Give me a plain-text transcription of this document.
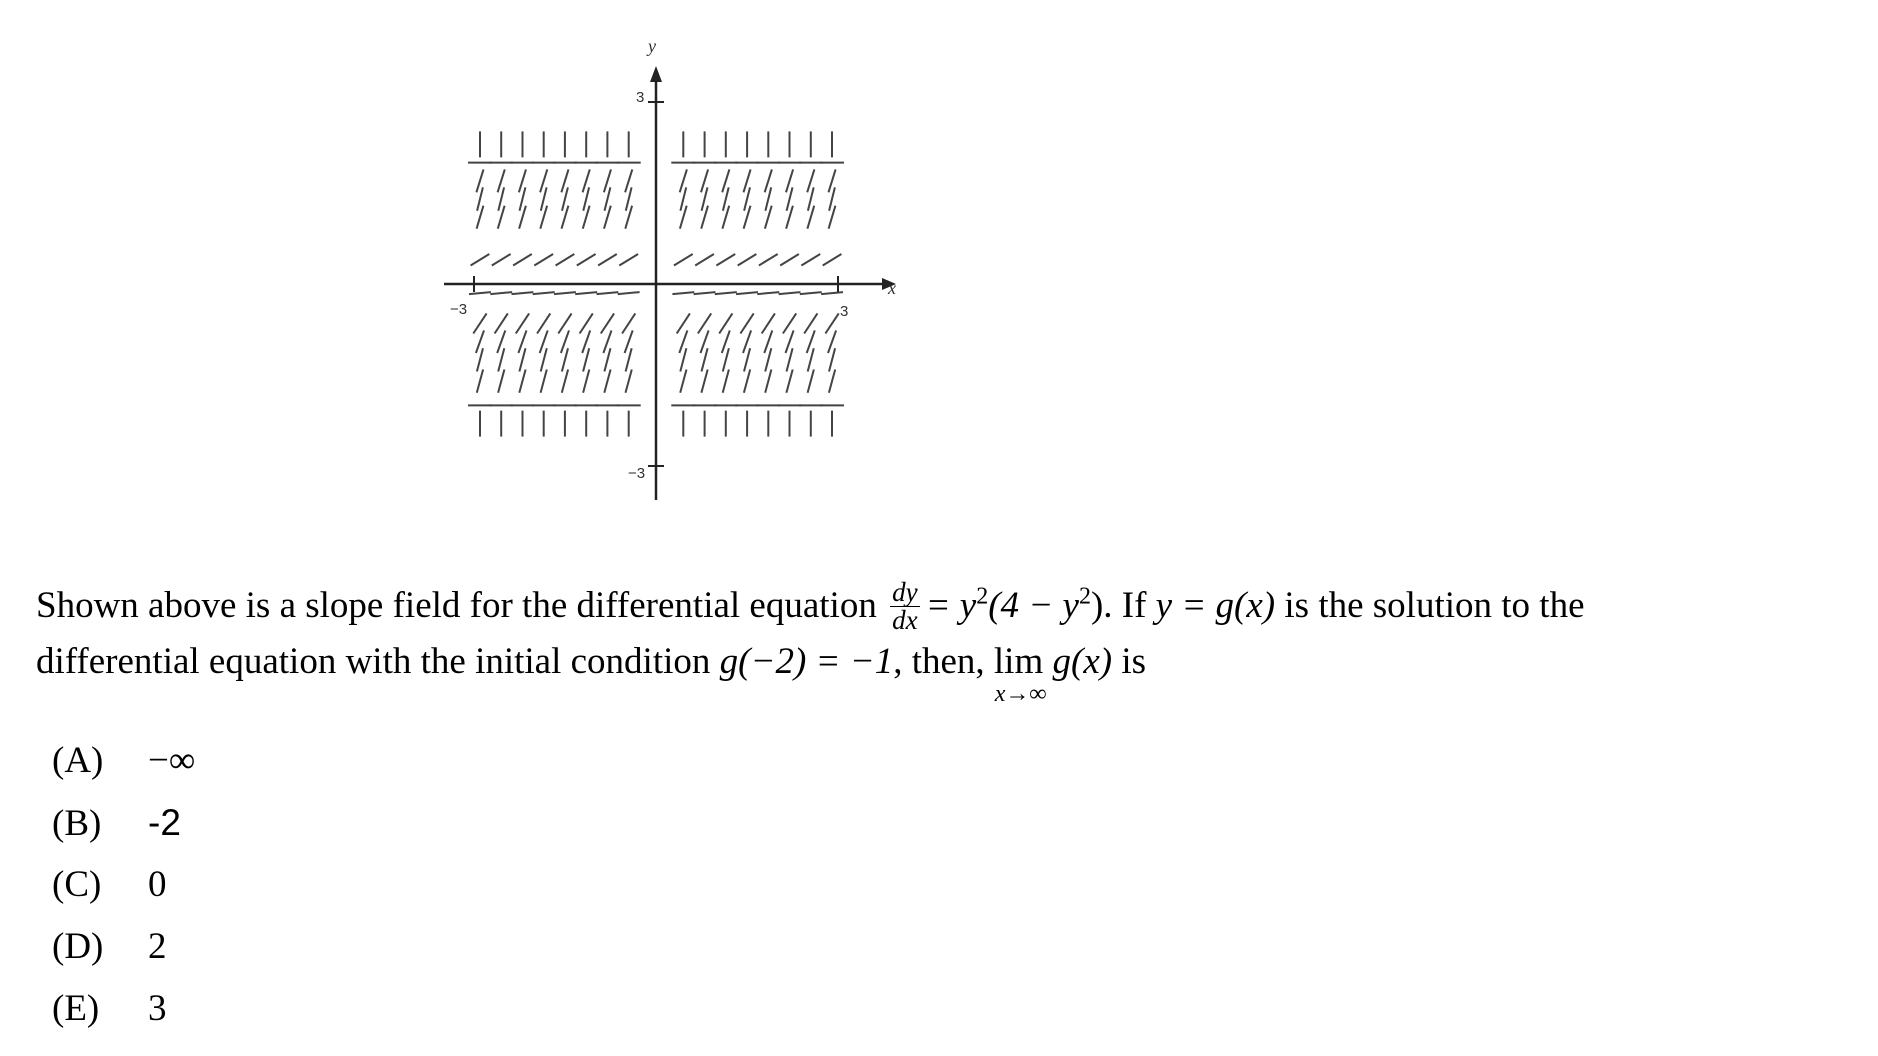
y
x
3
−3
−3	3
Shown above is a slope field for the differential equation $\frac{dy}{dx} = y^2(4 - y^2)$. If y = g(x) is the solution to the
differential equation with the initial condition g(−2) = −1, then, lim
x→∞
g(x) is
(A) −∞
(B) -2
(C) 0
(D) 2
(E) 3
